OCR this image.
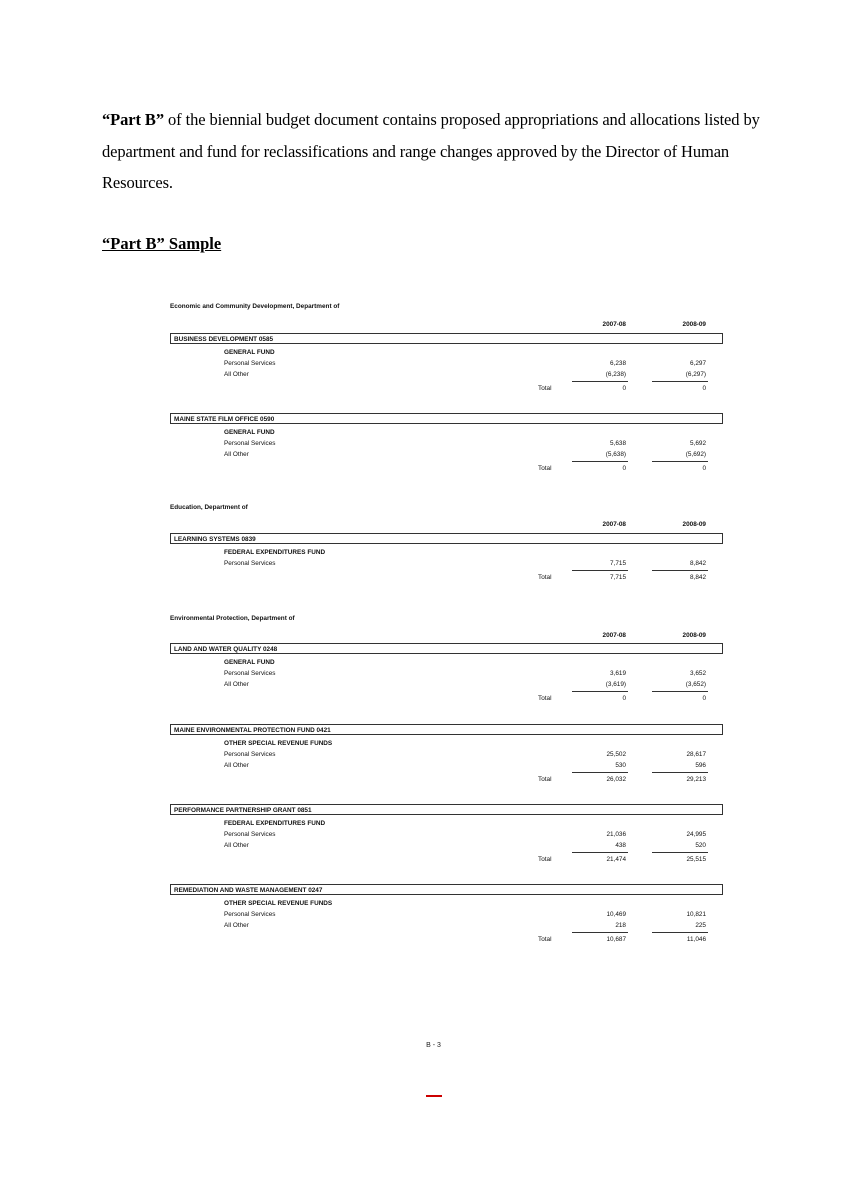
“Part B” of the biennial budget document contains proposed appropriations and allocations listed by department and fund for reclassifications and range changes approved by the Director of Human Resources.
“Part B” Sample
Economic and Community Development, Department of
2007-08	2008-09
BUSINESS DEVELOPMENT 0585
GENERAL FUND
Personal Services	6,238	6,297
All Other	(6,238)	(6,297)
Total	0	0
MAINE STATE FILM OFFICE 0590
GENERAL FUND
Personal Services	5,638	5,692
All Other	(5,638)	(5,692)
Total	0	0
Education, Department of
2007-08	2008-09
LEARNING SYSTEMS 0839
FEDERAL EXPENDITURES FUND
Personal Services	7,715	8,842
Total	7,715	8,842
Environmental Protection, Department of
2007-08	2008-09
LAND AND WATER QUALITY 0248
GENERAL FUND
Personal Services	3,619	3,652
All Other	(3,619)	(3,652)
Total	0	0
MAINE ENVIRONMENTAL PROTECTION FUND 0421
OTHER SPECIAL REVENUE FUNDS
Personal Services	25,502	28,617
All Other	530	596
Total	26,032	29,213
PERFORMANCE PARTNERSHIP GRANT 0851
FEDERAL EXPENDITURES FUND
Personal Services	21,036	24,995
All Other	438	520
Total	21,474	25,515
REMEDIATION AND WASTE MANAGEMENT 0247
OTHER SPECIAL REVENUE FUNDS
Personal Services	10,469	10,821
All Other	218	225
Total	10,687	11,046
B - 3
